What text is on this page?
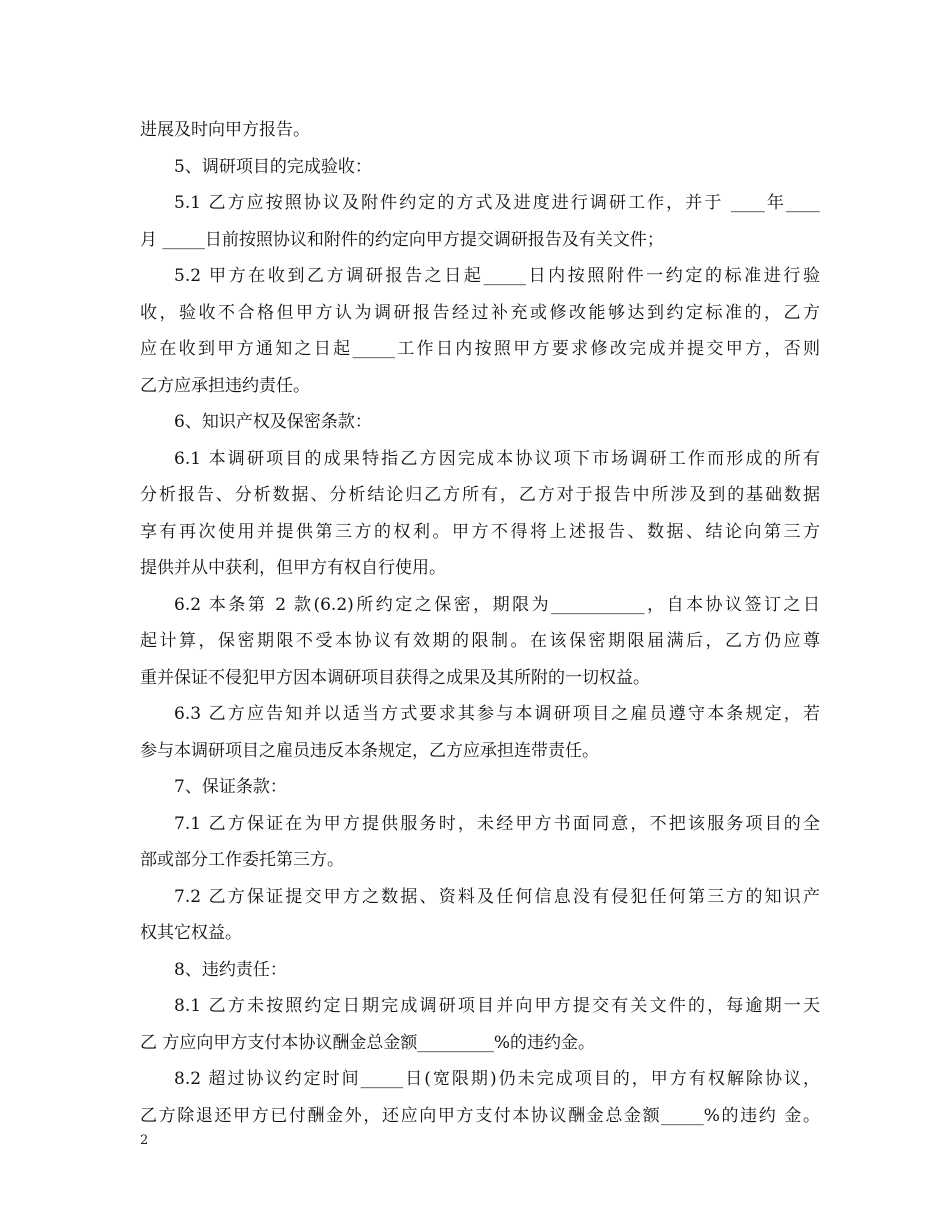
进展及时向甲方报告。
5、调研项目的完成验收：
5.1 乙方应按照协议及附件约定的方式及进度进行调研工作，并于 ____年____
月 _____日前按照协议和附件的约定向甲方提交调研报告及有关文件；
5.2 甲方在收到乙方调研报告之日起_____日内按照附件一约定的标准进行验
收，验收不合格但甲方认为调研报告经过补充或修改能够达到约定标准的，乙方
应在收到甲方通知之日起_____工作日内按照甲方要求修改完成并提交甲方，否则
乙方应承担违约责任。
6、知识产权及保密条款：
6.1 本调研项目的成果特指乙方因完成本协议项下市场调研工作而形成的所有
分析报告、分析数据、分析结论归乙方所有，乙方对于报告中所涉及到的基础数据
享有再次使用并提供第三方的权利。甲方不得将上述报告、数据、结论向第三方
提供并从中获利，但甲方有权自行使用。
6.2 本条第 2 款(6.2)所约定之保密，期限为___________，自本协议签订之日
起计算，保密期限不受本协议有效期的限制。在该保密期限届满后，乙方仍应尊
重并保证不侵犯甲方因本调研项目获得之成果及其所附的一切权益。
6.3 乙方应告知并以适当方式要求其参与本调研项目之雇员遵守本条规定，若
参与本调研项目之雇员违反本条规定，乙方应承担连带责任。
7、保证条款：
7.1 乙方保证在为甲方提供服务时，未经甲方书面同意，不把该服务项目的全
部或部分工作委托第三方。
7.2 乙方保证提交甲方之数据、资料及任何信息没有侵犯任何第三方的知识产
权其它权益。
8、违约责任：
8.1 乙方未按照约定日期完成调研项目并向甲方提交有关文件的，每逾期一天
乙 方应向甲方支付本协议酬金总金额_________%的违约金。
8.2 超过协议约定时间_____日(宽限期)仍未完成项目的，甲方有权解除协议，
乙方除退还甲方已付酬金外，还应向甲方支付本协议酬金总金额_____%的违约 金。
2
